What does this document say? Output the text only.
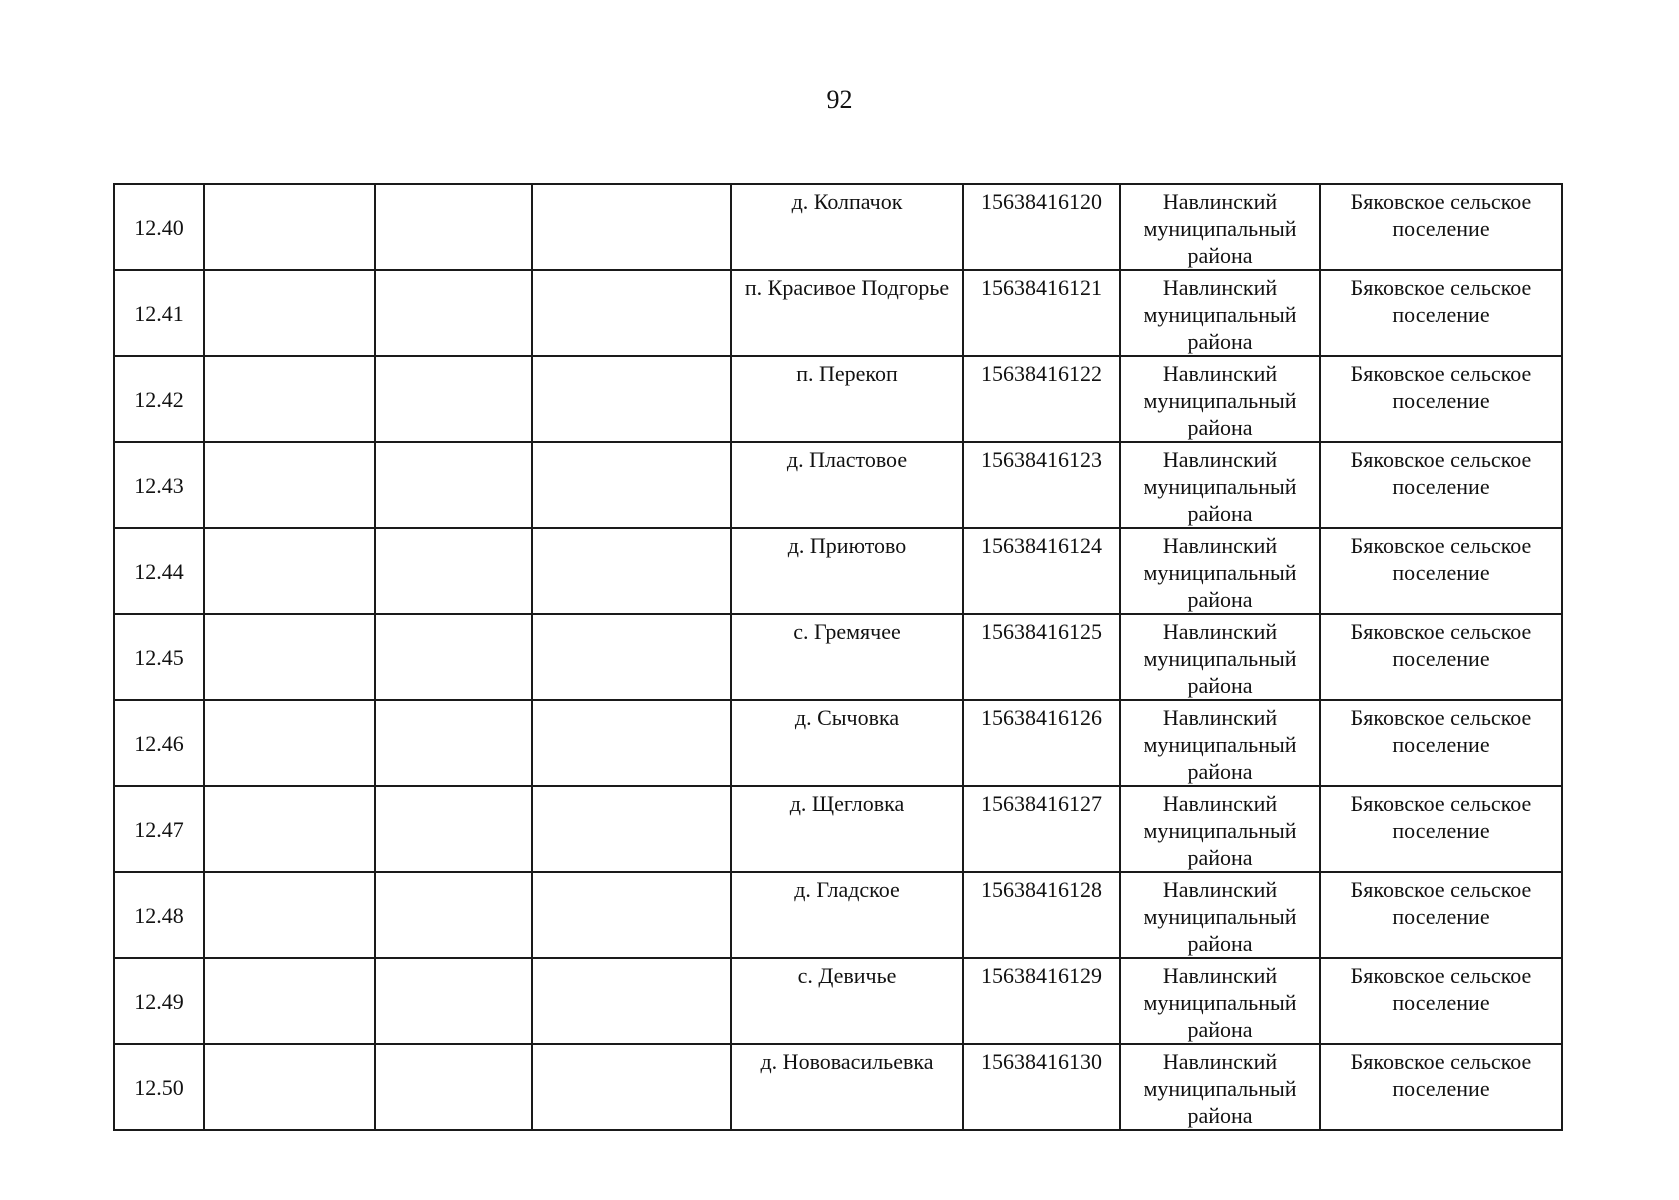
92
12.40				д. Колпачок	15638416120	Навлинский муниципальный района	Бяковское сельское поселение

12.41				п. Красивое Подгорье	15638416121	Навлинский муниципальный района	Бяковское сельское поселение

12.42				п. Перекоп	15638416122	Навлинский муниципальный района	Бяковское сельское поселение

12.43				д. Пластовое	15638416123	Навлинский муниципальный района	Бяковское сельское поселение

12.44				д. Приютово	15638416124	Навлинский муниципальный района	Бяковское сельское поселение

12.45				с. Гремячее	15638416125	Навлинский муниципальный района	Бяковское сельское поселение

12.46				д. Сычовка	15638416126	Навлинский муниципальный района	Бяковское сельское поселение

12.47				д. Щегловка	15638416127	Навлинский муниципальный района	Бяковское сельское поселение

12.48				д. Гладское	15638416128	Навлинский муниципальный района	Бяковское сельское поселение

12.49				с. Девичье	15638416129	Навлинский муниципальный района	Бяковское сельское поселение

12.50				д. Нововасильевка	15638416130	Навлинский муниципальный района	Бяковское сельское поселение
